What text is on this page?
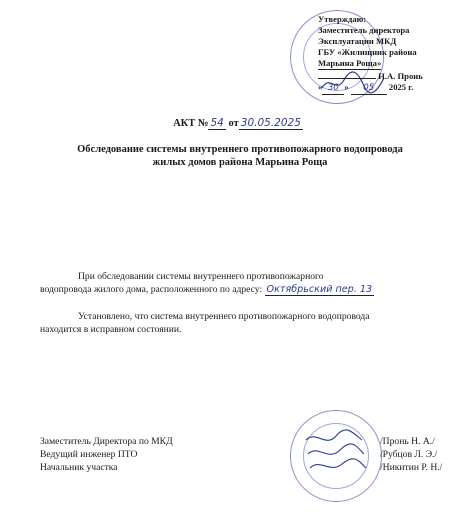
Утверждаю:
Заместитель директора
Эксплуатации МКД
ГБУ «Жилищник района
Марьина Роща»
Н.А. Пронь
« 30 » 05 2025 г.
АКТ № 54 от 30.05.2025
Обследование системы внутреннего противопожарного водопровода
жилых домов района Марьина Роща
При обследовании системы внутреннего противопожарного
водопровода жилого дома, расположенного по адресу: Октябрьский пер. 13
Установлено, что система внутреннего противопожарного водопровода
находится в исправном состоянии.
Заместитель Директора по МКД
Ведущий инженер ПТО
Начальник участка
/Пронь Н. А./
/Рубцов Л. Э./
/Никитин Р. Н./
